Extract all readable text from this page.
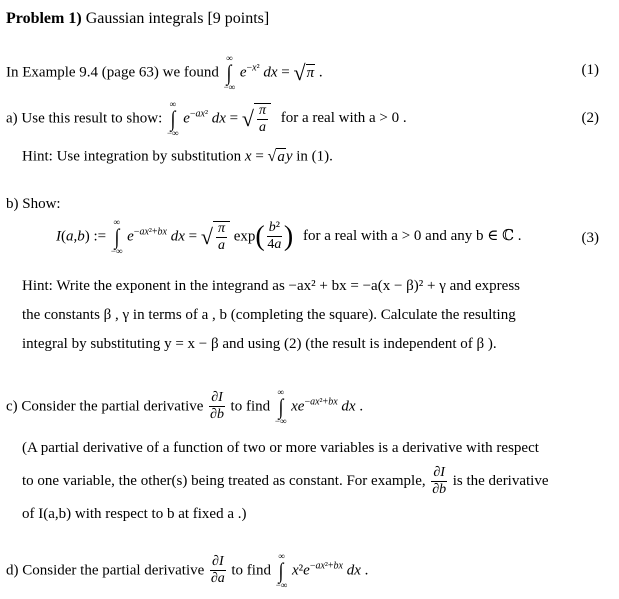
Problem 1) Gaussian integrals [9 points]
In Example 9.4 (page 63) we found
∞
∫
−∞
$e^{-x^2}$ dx = √ π .	(1)
a) Use this result to show:
∞
∫
−∞
$e^{-ax^2}$ dx = √ $\frac{\pi}{a}$ for a real with a > 0 .	(2)
Hint: Use integration by substitution x = √ a y in (1).
b) Show:
I(a,b) :=
∞
∫
−∞
$e^{-ax^2+bx}$ dx = √ $\frac{\pi}{a} \exp( \frac{\text{b²}}{4a}$ ) for a real with a > 0 and any b ∈ ℂ .	(3)
Hint: Write the exponent in the integrand as −ax² + bx = −a(x − β)² + γ and express
the constants β , γ in terms of a , b (completing the square). Calculate the resulting
integral by substituting y = x − β and using (2) (the result is independent of β ).
c) Consider the partial derivative $\frac{\partial I}{\partial b}$ to find
∞
∫
−∞
$xe^{-ax^2+bx}$ dx .
(A partial derivative of a function of two or more variables is a derivative with respect
to one variable, the other(s) being treated as constant. For example, $\frac{\partial I}{\partial b}$ is the derivative
of I(a,b) with respect to b at fixed a .)
d) Consider the partial derivative $\frac{\partial I}{\partial a}$ to find
∞
∫
−∞
$x^2e^{-ax^2+bx}$ dx .
